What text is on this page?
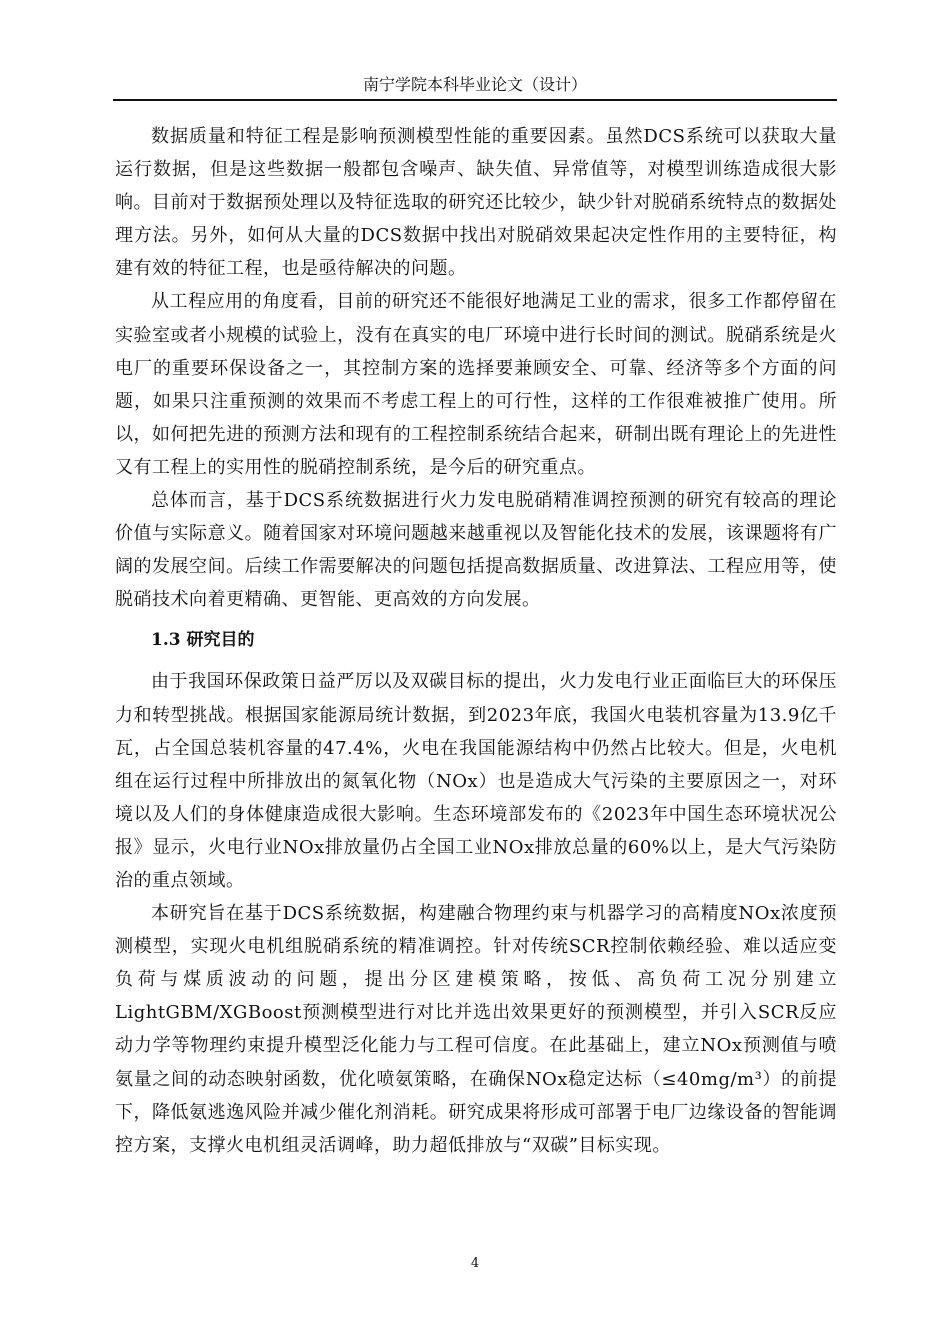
南宁学院本科毕业论文（设计）

数据质量和特征工程是影响预测模型性能的重要因素。虽然DCS系统可以获取大量运行数据，但是这些数据一般都包含噪声、缺失值、异常值等，对模型训练造成很大影响。目前对于数据预处理以及特征选取的研究还比较少，缺少针对脱硝系统特点的数据处理方法。另外，如何从大量的DCS数据中找出对脱硝效果起决定性作用的主要特征，构建有效的特征工程，也是亟待解决的问题。

从工程应用的角度看，目前的研究还不能很好地满足工业的需求，很多工作都停留在实验室或者小规模的试验上，没有在真实的电厂环境中进行长时间的测试。脱硝系统是火电厂的重要环保设备之一，其控制方案的选择要兼顾安全、可靠、经济等多个方面的问题，如果只注重预测的效果而不考虑工程上的可行性，这样的工作很难被推广使用。所以，如何把先进的预测方法和现有的工程控制系统结合起来，研制出既有理论上的先进性又有工程上的实用性的脱硝控制系统，是今后的研究重点。

总体而言，基于DCS系统数据进行火力发电脱硝精准调控预测的研究有较高的理论价值与实际意义。随着国家对环境问题越来越重视以及智能化技术的发展，该课题将有广阔的发展空间。后续工作需要解决的问题包括提高数据质量、改进算法、工程应用等，使脱硝技术向着更精确、更智能、更高效的方向发展。

1.3 研究目的

由于我国环保政策日益严厉以及双碳目标的提出，火力发电行业正面临巨大的环保压力和转型挑战。根据国家能源局统计数据，到2023年底，我国火电装机容量为13.9亿千瓦，占全国总装机容量的47.4%，火电在我国能源结构中仍然占比较大。但是，火电机组在运行过程中所排放出的氮氧化物（NOx）也是造成大气污染的主要原因之一，对环境以及人们的身体健康造成很大影响。生态环境部发布的《2023年中国生态环境状况公报》显示，火电行业NOx排放量仍占全国工业NOx排放总量的60%以上，是大气污染防治的重点领域。

本研究旨在基于DCS系统数据，构建融合物理约束与机器学习的高精度NOx浓度预测模型，实现火电机组脱硝系统的精准调控。针对传统SCR控制依赖经验、难以适应变负荷与煤质波动的问题，提出分区建模策略，按低、高负荷工况分别建立LightGBM/XGBoost预测模型进行对比并选出效果更好的预测模型，并引入SCR反应动力学等物理约束提升模型泛化能力与工程可信度。在此基础上，建立NOx预测值与喷氨量之间的动态映射函数，优化喷氨策略，在确保NOx稳定达标（≤40mg/m³）的前提下，降低氨逃逸风险并减少催化剂消耗。研究成果将形成可部署于电厂边缘设备的智能调控方案，支撑火电机组灵活调峰，助力超低排放与“双碳”目标实现。

4
